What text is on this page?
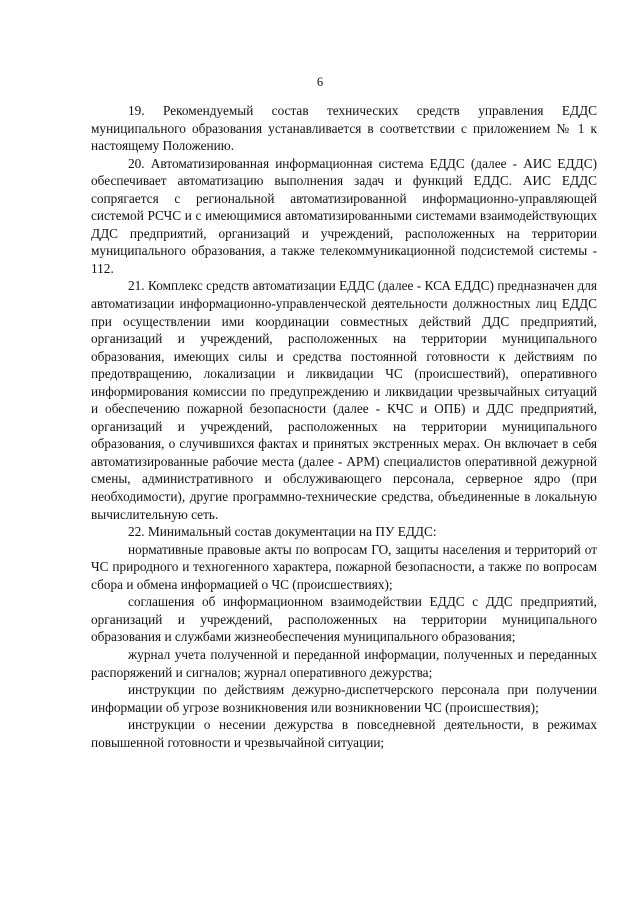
6

19. Рекомендуемый состав технических средств управления ЕДДС муниципального образования устанавливается в соответствии с приложением № 1 к настоящему Положению.

20. Автоматизированная информационная система ЕДДС (далее - АИС ЕДДС) обеспечивает автоматизацию выполнения задач и функций ЕДДС. АИС ЕДДС сопрягается с региональной автоматизированной информационно-управляющей системой РСЧС и с имеющимися автоматизированными системами взаимодействующих ДДС предприятий, организаций и учреждений, расположенных на территории муниципального образования, а также телекоммуникационной подсистемой системы - 112.

21. Комплекс средств автоматизации ЕДДС (далее - КСА ЕДДС) предназначен для автоматизации информационно-управленческой деятельности должностных лиц ЕДДС при осуществлении ими координации совместных действий ДДС предприятий, организаций и учреждений, расположенных на территории муниципального образования, имеющих силы и средства постоянной готовности к действиям по предотвращению, локализации и ликвидации ЧС (происшествий), оперативного информирования комиссии по предупреждению и ликвидации чрезвычайных ситуаций и обеспечению пожарной безопасности (далее - КЧС и ОПБ) и ДДС предприятий, организаций и учреждений, расположенных на территории муниципального образования, о случившихся фактах и принятых экстренных мерах. Он включает в себя автоматизированные рабочие места (далее - АРМ) специалистов оперативной дежурной смены, административного и обслуживающего персонала, серверное ядро (при необходимости), другие программно-технические средства, объединенные в локальную вычислительную сеть.

22. Минимальный состав документации на ПУ ЕДДС:

нормативные правовые акты по вопросам ГО, защиты населения и территорий от ЧС природного и техногенного характера, пожарной безопасности, а также по вопросам сбора и обмена информацией о ЧС (происшествиях);

соглашения об информационном взаимодействии ЕДДС с ДДС предприятий, организаций и учреждений, расположенных на территории муниципального образования и службами жизнеобеспечения муниципального образования;

журнал учета полученной и переданной информации, полученных и переданных распоряжений и сигналов; журнал оперативного дежурства;

инструкции по действиям дежурно-диспетчерского персонала при получении информации об угрозе возникновения или возникновении ЧС (происшествия);

инструкции о несении дежурства в повседневной деятельности, в режимах повышенной готовности и чрезвычайной ситуации;
